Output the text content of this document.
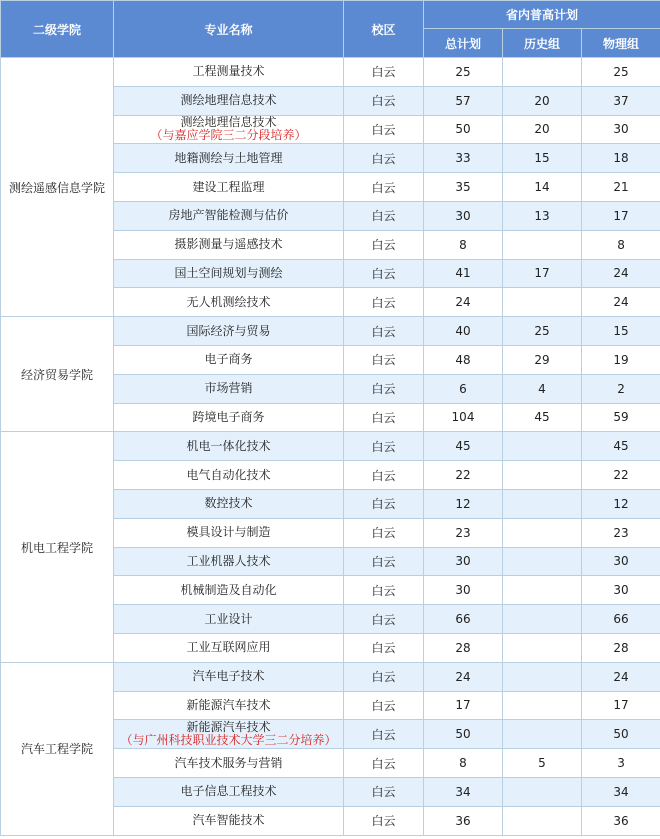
二级学院	专业名称	校区	省内普高计划		
			总计划	历史组	物理组
测绘遥感信息学院	工程测量技术	白云	25		25

	测绘地理信息技术	白云	57	20	37

	测绘地理信息技术
（与嘉应学院三二分段培养）	白云	50	20	30

	地籍测绘与土地管理	白云	33	15	18

	建设工程监理	白云	35	14	21

	房地产智能检测与估价	白云	30	13	17

	摄影测量与遥感技术	白云	8		8

	国土空间规划与测绘	白云	41	17	24

	无人机测绘技术	白云	24		24
经济贸易学院	国际经济与贸易	白云	40	25	15

	电子商务	白云	48	29	19

	市场营销	白云	6	4	2

	跨境电子商务	白云	104	45	59
机电工程学院	机电一体化技术	白云	45		45

	电气自动化技术	白云	22		22

	数控技术	白云	12		12

	模具设计与制造	白云	23		23

	工业机器人技术	白云	30		30

	机械制造及自动化	白云	30		30

	工业设计	白云	66		66

	工业互联网应用	白云	28		28
汽车工程学院	汽车电子技术	白云	24		24

	新能源汽车技术	白云	17		17

	新能源汽车技术
（与广州科技职业技术大学三二分培养）	白云	50		50

	汽车技术服务与营销	白云	8	5	3

	电子信息工程技术	白云	34		34

	汽车智能技术	白云	36		36
